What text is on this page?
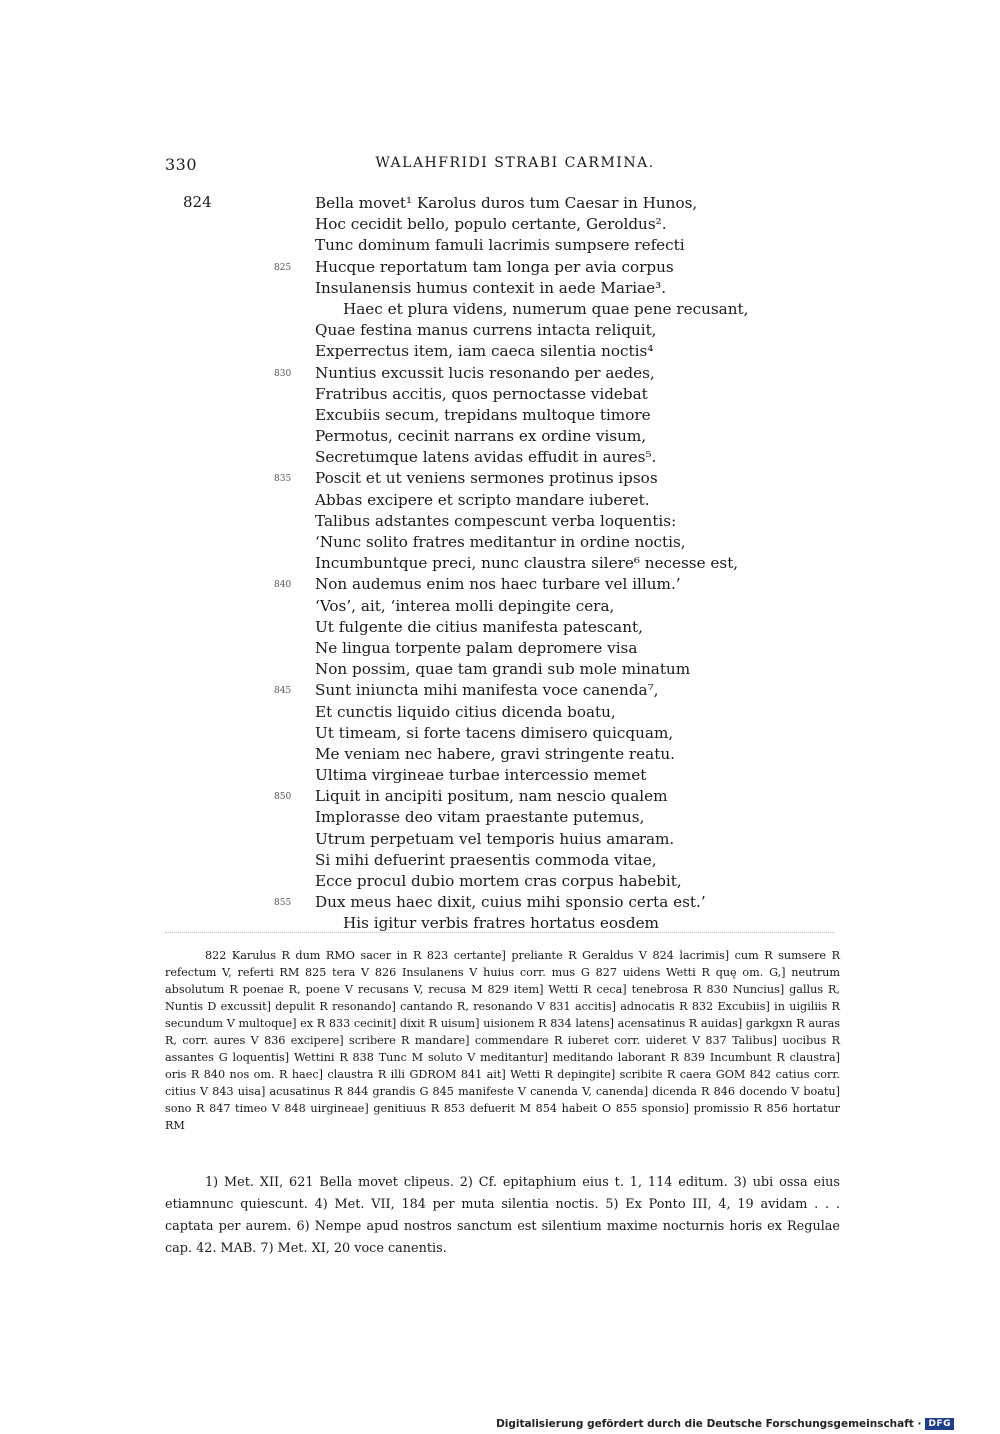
330	WALAHFRIDI STRABI CARMINA.
824	Bella movet¹ Karolus duros tum Caesar in Hunos,
Hoc cecidit bello, populo certante, Geroldus².
Tunc dominum famuli lacrimis sumpsere refecti
825 Hucque reportatum tam longa per avia corpus
Insulanensis humus contexit in aede Mariae³.
Haec et plura videns, numerum quae pene recusant,
Quae festina manus currens intacta reliquit,
Experrectus item, iam caeca silentia noctis⁴
830 Nuntius excussit lucis resonando per aedes,
Fratribus accitis, quos pernoctasse videbat
Excubiis secum, trepidans multoque timore
Permotus, cecinit narrans ex ordine visum,
Secretumque latens avidas effudit in aures⁵.
835 Poscit et ut veniens sermones protinus ipsos
Abbas excipere et scripto mandare iuberet.
Talibus adstantes compescunt verba loquentis:
‘Nunc solito fratres meditantur in ordine noctis,
Incumbuntque preci, nunc claustra silere⁶ necesse est,
840 Non audemus enim nos haec turbare vel illum.’
‘Vos’, ait, ‘interea molli depingite cera,
Ut fulgente die citius manifesta patescant,
Ne lingua torpente palam depromere visa
Non possim, quae tam grandi sub mole minatum
845 Sunt iniuncta mihi manifesta voce canenda⁷,
Et cunctis liquido citius dicenda boatu,
Ut timeam, si forte tacens dimisero quicquam,
Me veniam nec habere, gravi stringente reatu.
Ultima virgineae turbae intercessio memet
850 Liquit in ancipiti positum, nam nescio qualem
Implorasse deo vitam praestante putemus,
Utrum perpetuam vel temporis huius amaram.
Si mihi defuerint praesentis commoda vitae,
Ecce procul dubio mortem cras corpus habebit,
855 Dux meus haec dixit, cuius mihi sponsio certa est.’
His igitur verbis fratres hortatus eosdem
822 Karulus R dum RMO sacer in R 823 certante] preliante R Geraldus V 824 lacrimis] cum R sumsere R refectum V, referti RM 825 tera V 826 Insulanens V huius corr. mus G 827 uidens Wetti R quę om. G,] neutrum absolutum R poenae R, poene V recusans V, recusa M 829 item] Wetti R ceca] tenebrosa R 830 Nuncius] gallus R, Nuntis D excussit] depulit R resonando] cantando R, resonando V 831 accitis] adnocatis R 832 Excubiis] in uigiliis R secundum V multoque] ex R 833 cecinit] dixit R uisum] uisionem R 834 latens] acensatinus R auidas] garkgxn R auras R, corr. aures V 836 excipere] scribere R mandare] commendare R iuberet corr. uideret V 837 Talibus] uocibus R assantes G loquentis] Wettini R 838 Tunc M soluto V meditantur] meditando laborant R 839 Incumbunt R claustra] oris R 840 nos om. R haec] claustra R illi GDROM 841 ait] Wetti R depingite] scribite R caera GOM 842 catius corr. citius V 843 uisa] acusatinus R 844 grandis G 845 manifeste V canenda V, canenda] dicenda R 846 docendo V boatu] sono R 847 timeo V 848 uirgineae] genitiuus R 853 defuerit M 854 habeit O 855 sponsio] promissio R 856 hortatur RM
1) Met. XII, 621 Bella movet clipeus. 2) Cf. epitaphium eius t. 1, 114 editum. 3) ubi ossa eius etiamnunc quiescunt. 4) Met. VII, 184 per muta silentia noctis. 5) Ex Ponto III, 4, 19 avidam . . . captata per aurem. 6) Nempe apud nostros sanctum est silentium maxime nocturnis horis ex Regulae cap. 42. MAB. 7) Met. XI, 20 voce canentis.
Digitalisierung gefördert durch die Deutsche Forschungsgemeinschaft · DFG
